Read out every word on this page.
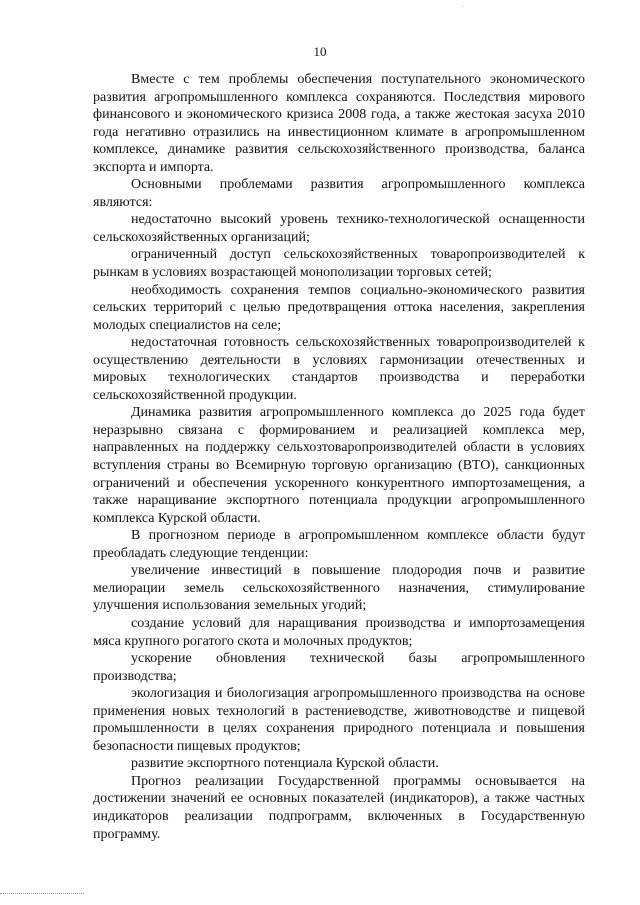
10

Вместе с тем проблемы обеспечения поступательного экономического развития агропромышленного комплекса сохраняются. Последствия мирового финансового и экономического кризиса 2008 года, а также жестокая засуха 2010 года негативно отразились на инвестиционном климате в агропромышленном комплексе, динамике развития сельскохозяйственного производства, баланса экспорта и импорта.

Основными проблемами развития агропромышленного комплекса являются:

недостаточно высокий уровень технико-технологической оснащенности сельскохозяйственных организаций;

ограниченный доступ сельскохозяйственных товаропроизводителей к рынкам в условиях возрастающей монополизации торговых сетей;

необходимость сохранения темпов социально-экономического развития сельских территорий с целью предотвращения оттока населения, закрепления молодых специалистов на селе;

недостаточная готовность сельскохозяйственных товаропроизводителей к осуществлению деятельности в условиях гармонизации отечественных и мировых технологических стандартов производства и переработки сельскохозяйственной продукции.

Динамика развития агропромышленного комплекса до 2025 года будет неразрывно связана с формированием и реализацией комплекса мер, направленных на поддержку сельхозтоваропроизводителей области в условиях вступления страны во Всемирную торговую организацию (ВТО), санкционных ограничений и обеспечения ускоренного конкурентного импортозамещения, а также наращивание экспортного потенциала продукции агропромышленного комплекса Курской области.

В прогнозном периоде в агропромышленном комплексе области будут преобладать следующие тенденции:

увеличение инвестиций в повышение плодородия почв и развитие мелиорации земель сельскохозяйственного назначения, стимулирование улучшения использования земельных угодий;

создание условий для наращивания производства и импортозамещения мяса крупного рогатого скота и молочных продуктов;

ускорение обновления технической базы агропромышленного производства;

экологизация и биологизация агропромышленного производства на основе применения новых технологий в растениеводстве, животноводстве и пищевой промышленности в целях сохранения природного потенциала и повышения безопасности пищевых продуктов;

развитие экспортного потенциала Курской области.

Прогноз реализации Государственной программы основывается на достижении значений ее основных показателей (индикаторов), а также частных индикаторов реализации подпрограмм, включенных в Государственную программу.
